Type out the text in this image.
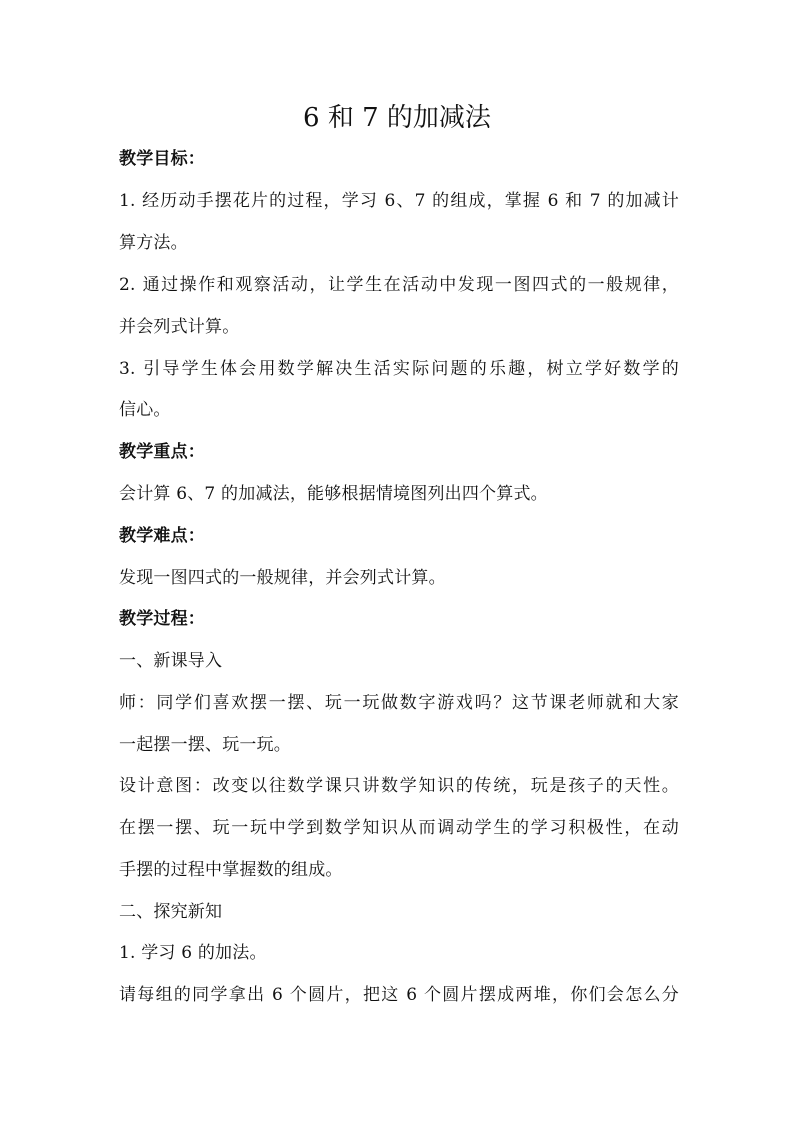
6 和 7 的加减法
教学目标：
1. 经历动手摆花片的过程，学习 6、7 的组成，掌握 6 和 7 的加减计
算方法。
2. 通过操作和观察活动，让学生在活动中发现一图四式的一般规律，
并会列式计算。
3. 引导学生体会用数学解决生活实际问题的乐趣，树立学好数学的
信心。
教学重点：
会计算 6、7 的加减法，能够根据情境图列出四个算式。
教学难点：
发现一图四式的一般规律，并会列式计算。
教学过程：
一、新课导入
师：同学们喜欢摆一摆、玩一玩做数字游戏吗？这节课老师就和大家
一起摆一摆、玩一玩。
设计意图：改变以往数学课只讲数学知识的传统，玩是孩子的天性。
在摆一摆、玩一玩中学到数学知识从而调动学生的学习积极性，在动
手摆的过程中掌握数的组成。
二、探究新知
1. 学习 6 的加法。
请每组的同学拿出 6 个圆片，把这 6 个圆片摆成两堆，你们会怎么分
